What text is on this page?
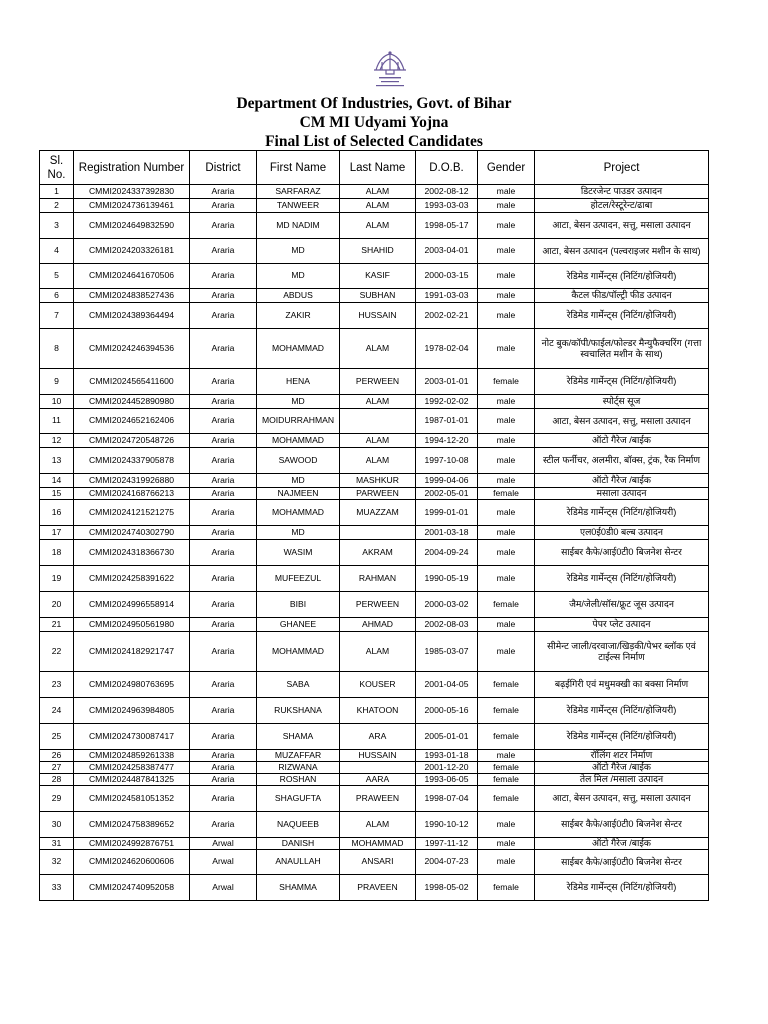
Department Of Industries, Govt. of Bihar
CM MI Udyami Yojna
Final List of Selected Candidates
Sl. No.	Registration Number	District	First Name	Last Name	D.O.B.	Gender	Project
1	CMMI2024337392830	Araria	SARFARAZ	ALAM	2002-08-12	male	डिटरजेन्ट पाउडर उत्पादन
2	CMMI2024736139461	Araria	TANWEER	ALAM	1993-03-03	male	होटल/रेस्टूरेन्ट/ढाबा
3	CMMI2024649832590	Araria	MD NADIM	ALAM	1998-05-17	male	आटा, बेसन उत्पादन, सत्तु, मसाला उत्पादन
4	CMMI2024203326181	Araria	MD	SHAHID	2003-04-01	male	आटा, बेसन उत्पादन (पल्वराइजर मशीन के साथ)
5	CMMI2024641670506	Araria	MD	KASIF	2000-03-15	male	रेडिमेड गार्मेन्ट्स (निटिंग/होजियरी)
6	CMMI2024838527436	Araria	ABDUS	SUBHAN	1991-03-03	male	कैटल फीड/पॉल्ट्री फीड उत्पादन
7	CMMI2024389364494	Araria	ZAKIR	HUSSAIN	2002-02-21	male	रेडिमेड गार्मेन्ट्स (निटिंग/होजियरी)
8	CMMI2024246394536	Araria	MOHAMMAD	ALAM	1978-02-04	male	नोट बुक/कॉपी/फाईल/फोल्डर मैन्युफैक्चरिंग (गत्ता स्वचालित मशीन के साथ)
9	CMMI2024565411600	Araria	HENA	PERWEEN	2003-01-01	female	रेडिमेड गार्मेन्ट्स (निटिंग/होजियरी)
10	CMMI2024452890980	Araria	MD	ALAM	1992-02-02	male	स्पोर्ट्स सूज
11	CMMI2024652162406	Araria	MOIDURRAHMAN		1987-01-01	male	आटा, बेसन उत्पादन, सत्तु, मसाला उत्पादन
12	CMMI2024720548726	Araria	MOHAMMAD	ALAM	1994-12-20	male	ऑटो गैरेज /बाईक
13	CMMI2024337905878	Araria	SAWOOD	ALAM	1997-10-08	male	स्टील फर्नीचर, अलमीरा, बॉक्स, ट्रंक, रैक निर्माण
14	CMMI2024319926880	Araria	MD	MASHKUR	1999-04-06	male	ऑटो गैरेज /बाईक
15	CMMI2024168766213	Araria	NAJMEEN	PARWEEN	2002-05-01	female	मसाला उत्पादन
16	CMMI2024121521275	Araria	MOHAMMAD	MUAZZAM	1999-01-01	male	रेडिमेड गार्मेन्ट्स (निटिंग/होजियरी)
17	CMMI2024740302790	Araria	MD		2001-03-18	male	एल0ई0डी0 बल्ब उत्पादन
18	CMMI2024318366730	Araria	WASIM	AKRAM	2004-09-24	male	साईबर कैफे/आई0टी0 बिजनेश सेन्टर
19	CMMI2024258391622	Araria	MUFEEZUL	RAHMAN	1990-05-19	male	रेडिमेड गार्मेन्ट्स (निटिंग/होजियरी)
20	CMMI2024996558914	Araria	BIBI	PERWEEN	2000-03-02	female	जैम/जेली/सॉस/फ्रूट जूस उत्पादन
21	CMMI2024950561980	Araria	GHANEE	AHMAD	2002-08-03	male	पेपर प्लेट उत्पादन
22	CMMI2024182921747	Araria	MOHAMMAD	ALAM	1985-03-07	male	सीमेन्ट जाली/दरवाजा/खिड़की/पेभर ब्लॉक एवं टाईल्स निर्माण
23	CMMI2024980763695	Araria	SABA	KOUSER	2001-04-05	female	बढ़ईगिरी एवं मधुमक्खी का बक्सा निर्माण
24	CMMI2024963984805	Araria	RUKSHANA	KHATOON	2000-05-16	female	रेडिमेड गार्मेन्ट्स (निटिंग/होजियरी)
25	CMMI2024730087417	Araria	SHAMA	ARA	2005-01-01	female	रेडिमेड गार्मेन्ट्स (निटिंग/होजियरी)
26	CMMI2024859261338	Araria	MUZAFFAR	HUSSAIN	1993-01-18	male	रॉलिंग शटर निर्माण
27	CMMI2024258387477	Araria	RIZWANA		2001-12-20	female	ऑटो गैरेज /बाईक
28	CMMI2024487841325	Araria	ROSHAN	AARA	1993-06-05	female	तेल मिल /मसाला उत्पादन
29	CMMI2024581051352	Araria	SHAGUFTA	PRAWEEN	1998-07-04	female	आटा, बेसन उत्पादन, सत्तु, मसाला उत्पादन
30	CMMI2024758389652	Araria	NAQUEEB	ALAM	1990-10-12	male	साईबर कैफे/आई0टी0 बिजनेश सेन्टर
31	CMMI2024992876751	Arwal	DANISH	MOHAMMAD	1997-11-12	male	ऑटो गैरेज /बाईक
32	CMMI2024620600606	Arwal	ANAULLAH	ANSARI	2004-07-23	male	साईबर कैफे/आई0टी0 बिजनेश सेन्टर
33	CMMI2024740952058	Arwal	SHAMMA	PRAVEEN	1998-05-02	female	रेडिमेड गार्मेन्ट्स (निटिंग/होजियरी)
